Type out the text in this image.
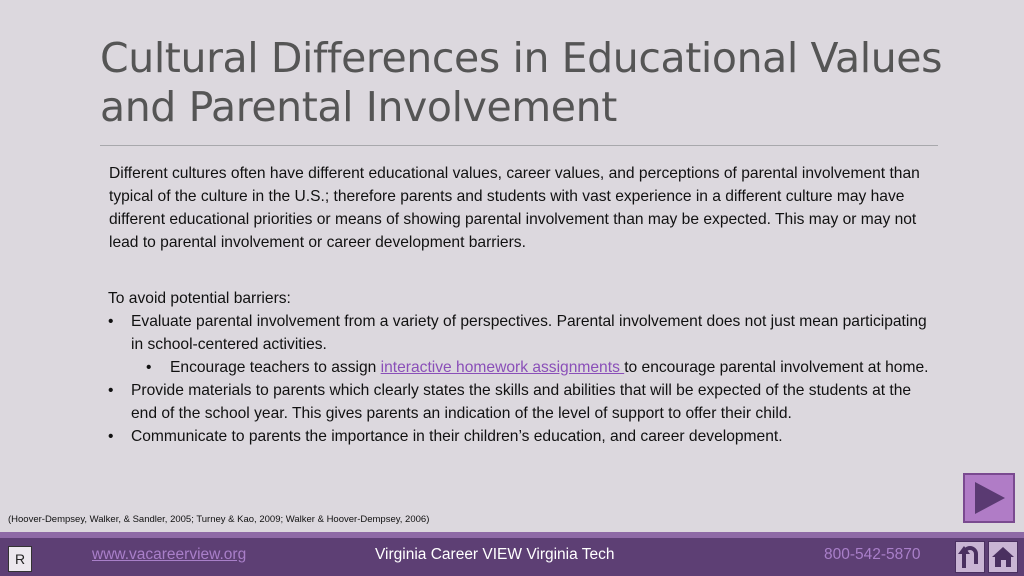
Cultural Differences in Educational Values and Parental Involvement

Different cultures often have different educational values, career values, and perceptions of parental involvement than typical of the culture in the U.S.; therefore parents and students with vast experience in a different culture may have different educational priorities or means of showing parental involvement than may be expected. This may or may not lead to parental involvement or career development barriers.

To avoid potential barriers:
• Evaluate parental involvement from a variety of perspectives. Parental involvement does not just mean participating in school-centered activities.
• Encourage teachers to assign interactive homework assignments to encourage parental involvement at home.
• Provide materials to parents which clearly states the skills and abilities that will be expected of the students at the end of the school year. This gives parents an indication of the level of support to offer their child.
• Communicate to parents the importance in their children’s education, and career development.
(Hoover-Dempsey, Walker, & Sandler, 2005; Turney & Kao, 2009; Walker & Hoover-Dempsey, 2006)
R	www.vacareerview.org	Virginia Career VIEW Virginia Tech	800-542-5870
